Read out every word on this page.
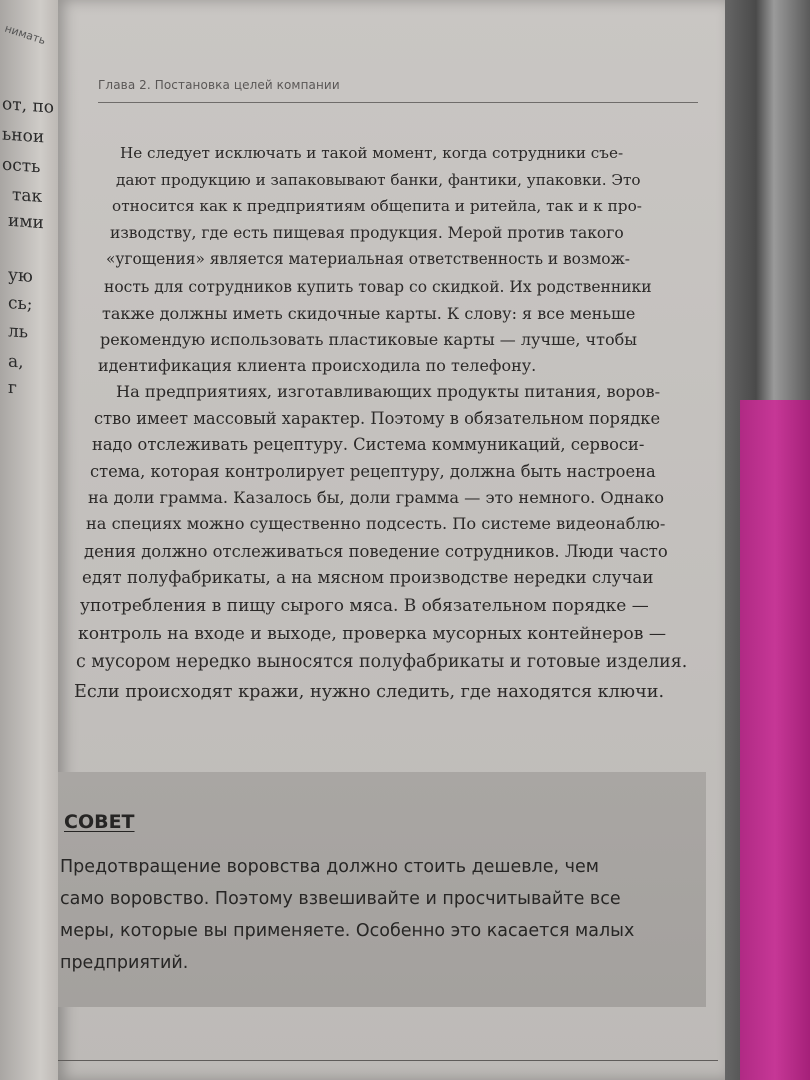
нимать
от, по
ьнои
ость
так
ими
ую
сь;
ль
а,
г
Глава 2. Постановка целей компании
Не следует исключать и такой момент, когда сотрудники съе-
дают продукцию и запаковывают банки, фантики, упаковки. Это
относится как к предприятиям общепита и ритейла, так и к про-
изводству, где есть пищевая продукция. Мерой против такого
«угощения» является материальная ответственность и возмож-
ность для сотрудников купить товар со скидкой. Их родственники
также должны иметь скидочные карты. К слову: я все меньше
рекомендую использовать пластиковые карты — лучше, чтобы
идентификация клиента происходила по телефону.
На предприятиях, изготавливающих продукты питания, воров-
ство имеет массовый характер. Поэтому в обязательном порядке
надо отслеживать рецептуру. Система коммуникаций, сервоси-
стема, которая контролирует рецептуру, должна быть настроена
на доли грамма. Казалось бы, доли грамма — это немного. Однако
на специях можно существенно подсесть. По системе видеонаблю-
дения должно отслеживаться поведение сотрудников. Люди часто
едят полуфабрикаты, а на мясном производстве нередки случаи
употребления в пищу сырого мяса. В обязательном порядке —
контроль на входе и выходе, проверка мусорных контейнеров —
с мусором нередко выносятся полуфабрикаты и готовые изделия.
Если происходят кражи, нужно следить, где находятся ключи.
СОВЕТ
Предотвращение воровства должно стоить дешевле, чем
само воровство. Поэтому взвешивайте и просчитывайте все
меры, которые вы применяете. Особенно это касается малых
предприятий.
